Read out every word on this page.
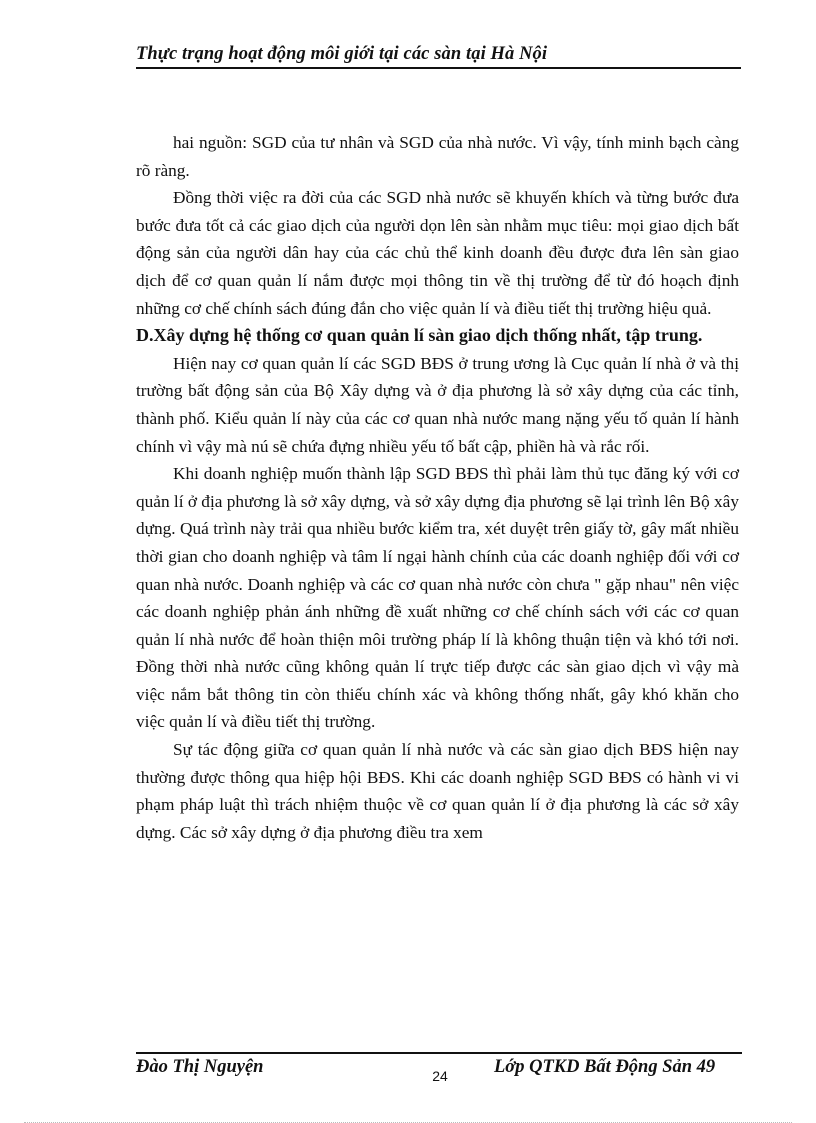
Thực trạng hoạt động môi giới tại các sàn tại Hà Nội

hai nguồn: SGD của tư nhân và SGD của nhà nước. Vì vậy, tính minh bạch càng rõ ràng.

Đồng thời việc ra đời của các SGD nhà nước sẽ khuyến khích và từng bước đưa bước đưa tốt cả các giao dịch của người dọn lên sàn nhằm mục tiêu: mọi giao dịch bất động sản của người dân hay của các chủ thể kinh doanh đều được đưa lên sàn giao dịch để cơ quan quản lí nắm được mọi thông tin về thị trường để từ đó hoạch định những cơ chế chính sách đúng đắn cho việc quản lí và điều tiết thị trường hiệu quả.

D.Xây dựng hệ thống cơ quan quản lí sàn giao dịch thống nhất, tập trung.

Hiện nay cơ quan quản lí các SGD BĐS ở trung ương là Cục quản lí nhà ở và thị trường bất động sản của Bộ Xây dựng và ở địa phương là sở xây dựng của các tỉnh, thành phố. Kiểu quản lí này của các cơ quan nhà nước mang nặng yếu tố quản lí hành chính vì vậy mà nú sẽ chứa đựng nhiều yếu tố bất cập, phiền hà và rắc rối.

Khi doanh nghiệp muốn thành lập SGD BĐS thì phải làm thủ tục đăng ký với cơ quản lí ở địa phương là sở xây dựng, và sở xây dựng địa phương sẽ lại trình lên Bộ xây dựng. Quá trình này trải qua nhiều bước kiểm tra, xét duyệt trên giấy tờ, gây mất nhiều thời gian cho doanh nghiệp và tâm lí ngại hành chính của các doanh nghiệp đối với cơ quan nhà nước. Doanh nghiệp và các cơ quan nhà nước còn chưa " gặp nhau" nên việc các doanh nghiệp phản ánh những đề xuất những cơ chế chính sách với các cơ quan quản lí nhà nước để hoàn thiện môi trường pháp lí là không thuận tiện và khó tới nơi. Đồng thời nhà nước cũng không quản lí trực tiếp được các sàn giao dịch vì vậy mà việc nắm bắt thông tin còn thiếu chính xác và không thống nhất, gây khó khăn cho việc quản lí và điều tiết thị trường.

Sự tác động giữa cơ quan quản lí nhà nước và các sàn giao dịch BĐS hiện nay thường được thông qua hiệp hội BĐS. Khi các doanh nghiệp SGD BĐS có hành vi vi phạm pháp luật thì trách nhiệm thuộc về cơ quan quản lí ở địa phương là các sở xây dựng. Các sở xây dựng ở địa phương điều tra xem

Đào Thị Nguyện	24	Lớp QTKD Bất Động Sản 49
